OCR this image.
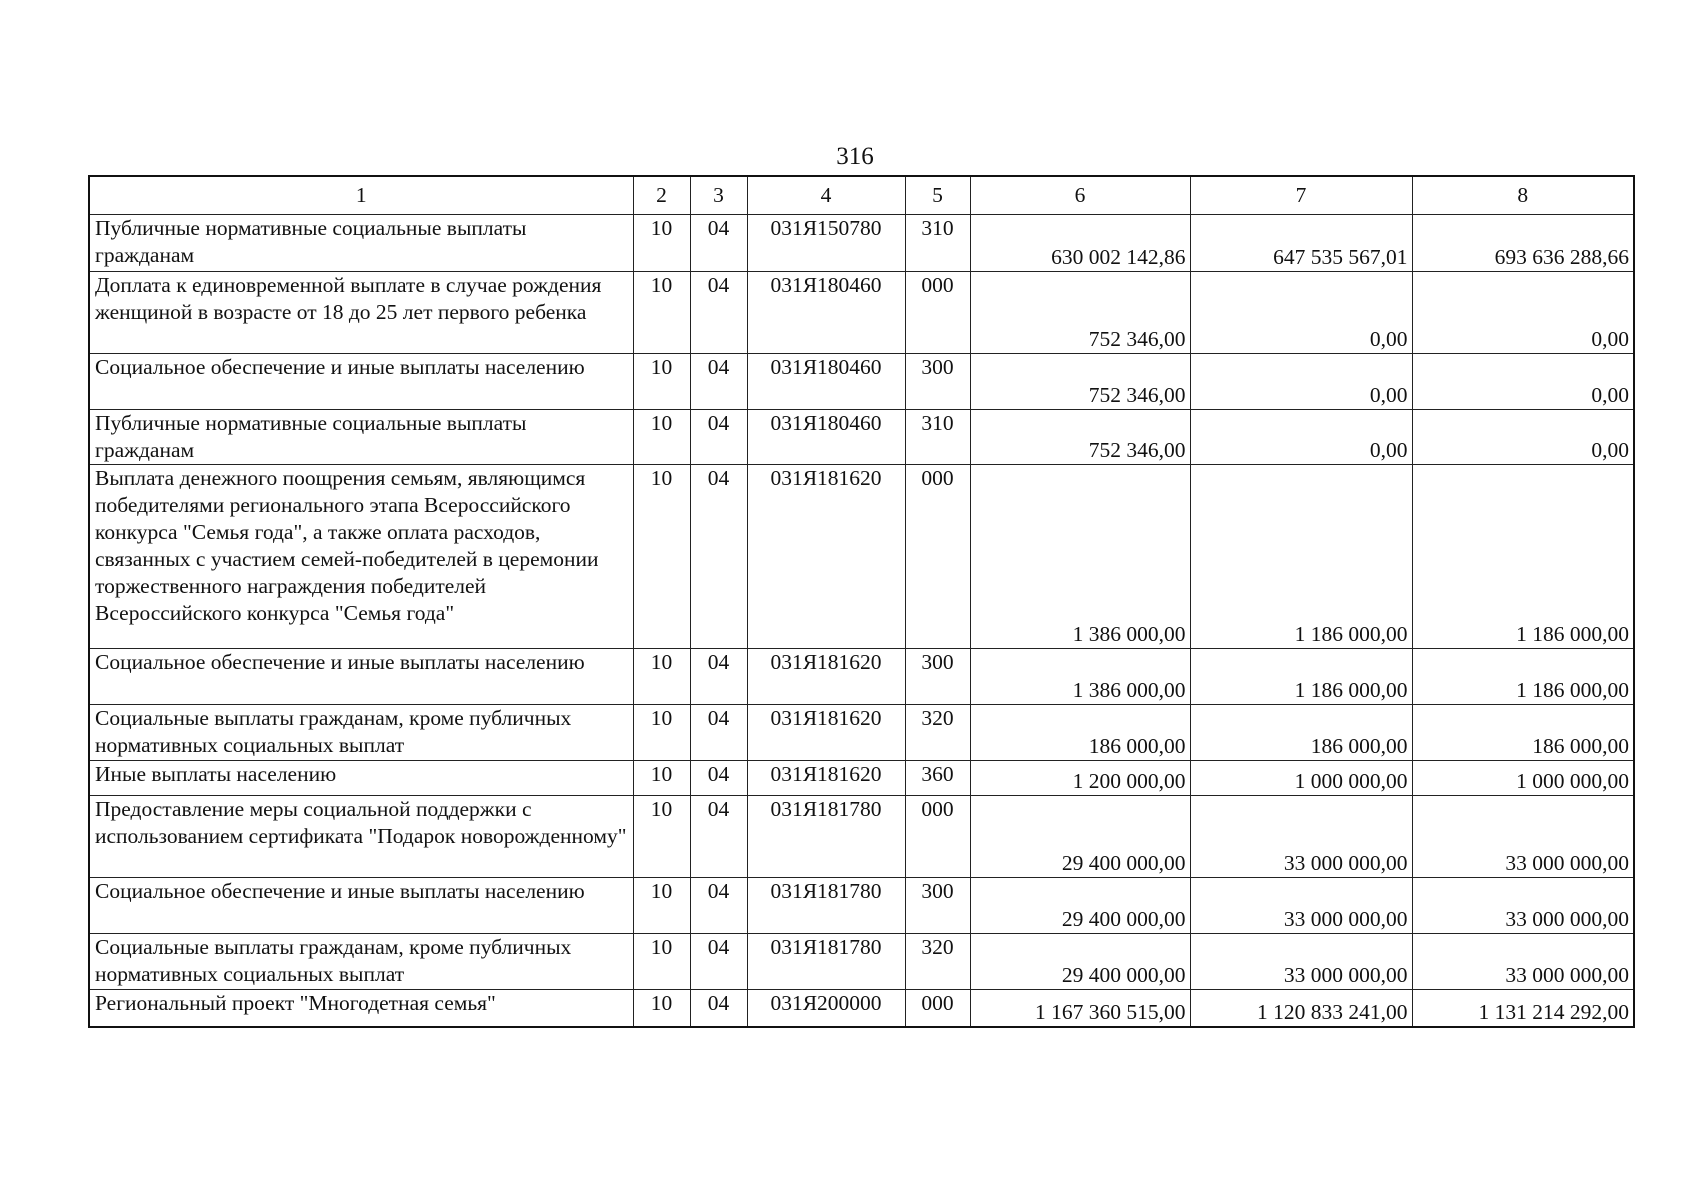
316
1	2	3	4	5	6	7	8
Публичные нормативные социальные выплаты гражданам	10	04	031Я150780	310	630 002 142,86	647 535 567,01	693 636 288,66
Доплата к единовременной выплате в случае рождения женщиной в возрасте от 18 до 25 лет первого ребенка	10	04	031Я180460	000	752 346,00	0,00	0,00
Социальное обеспечение и иные выплаты населению	10	04	031Я180460	300	752 346,00	0,00	0,00
Публичные нормативные социальные выплаты гражданам	10	04	031Я180460	310	752 346,00	0,00	0,00
Выплата денежного поощрения семьям, являющимся победителями регионального этапа Всероссийского конкурса "Семья года", а также оплата расходов, связанных с участием семей-победителей в церемонии торжественного награждения победителей Всероссийского конкурса "Семья года"	10	04	031Я181620	000	1 386 000,00	1 186 000,00	1 186 000,00
Социальное обеспечение и иные выплаты населению	10	04	031Я181620	300	1 386 000,00	1 186 000,00	1 186 000,00
Социальные выплаты гражданам, кроме публичных нормативных социальных выплат	10	04	031Я181620	320	186 000,00	186 000,00	186 000,00
Иные выплаты населению	10	04	031Я181620	360	1 200 000,00	1 000 000,00	1 000 000,00
Предоставление меры социальной поддержки с использованием сертификата "Подарок новорожденному"	10	04	031Я181780	000	29 400 000,00	33 000 000,00	33 000 000,00
Социальное обеспечение и иные выплаты населению	10	04	031Я181780	300	29 400 000,00	33 000 000,00	33 000 000,00
Социальные выплаты гражданам, кроме публичных нормативных социальных выплат	10	04	031Я181780	320	29 400 000,00	33 000 000,00	33 000 000,00
Региональный проект "Многодетная семья"	10	04	031Я200000	000	1 167 360 515,00	1 120 833 241,00	1 131 214 292,00
